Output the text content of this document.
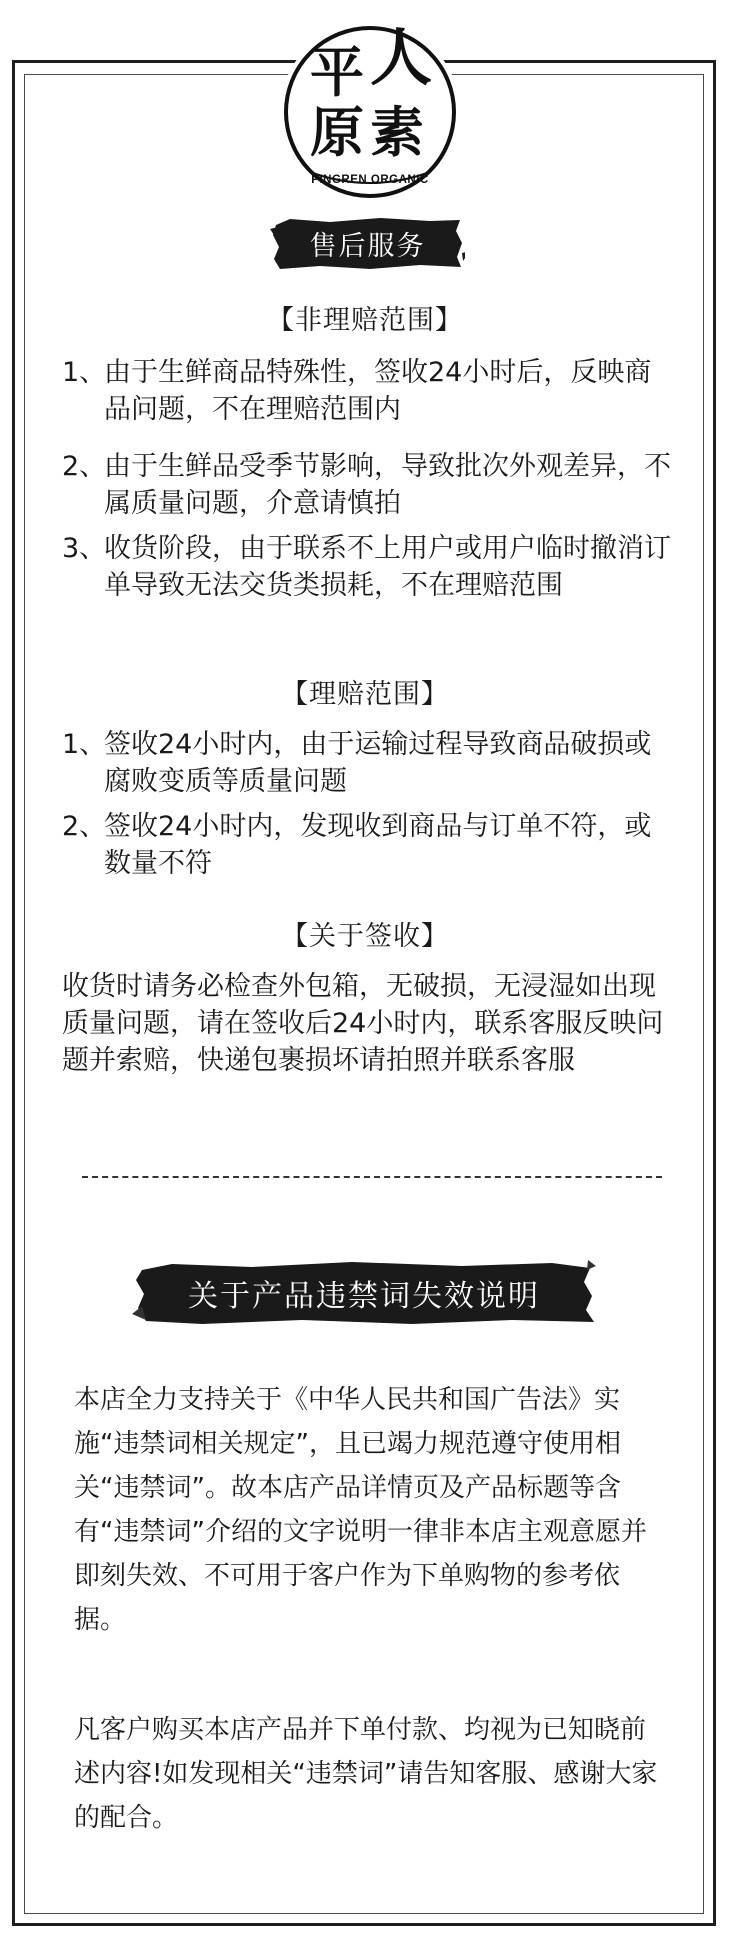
平 人
原 素
PINGREN ORGANIC
售后服务
【非理赔范围】
1、
由于生鲜商品特殊性，签收24小时后，反映商品问题，不在理赔范围内
2、
由于生鲜品受季节影响，导致批次外观差异，不属质量问题，介意请慎拍
3、
收货阶段，由于联系不上用户或用户临时撤消订单导致无法交货类损耗，不在理赔范围
【理赔范围】
1、
签收24小时内，由于运输过程导致商品破损或腐败变质等质量问题
2、
签收24小时内，发现收到商品与订单不符，或数量不符
【关于签收】
收货时请务必检查外包箱，无破损，无浸湿如出现质量问题，请在签收后24小时内，联系客服反映问题并索赔，快递包裹损坏请拍照并联系客服
关于产品违禁词失效说明
本店全力支持关于《中华人民共和国广告法》实施“违禁词相关规定”，且已竭力规范遵守使用相关“违禁词”。故本店产品详情页及产品标题等含有“违禁词”介绍的文字说明一律非本店主观意愿并即刻失效、不可用于客户作为下单购物的参考依据。
凡客户购买本店产品并下单付款、均视为已知晓前述内容!如发现相关“违禁词”请告知客服、感谢大家的配合。
